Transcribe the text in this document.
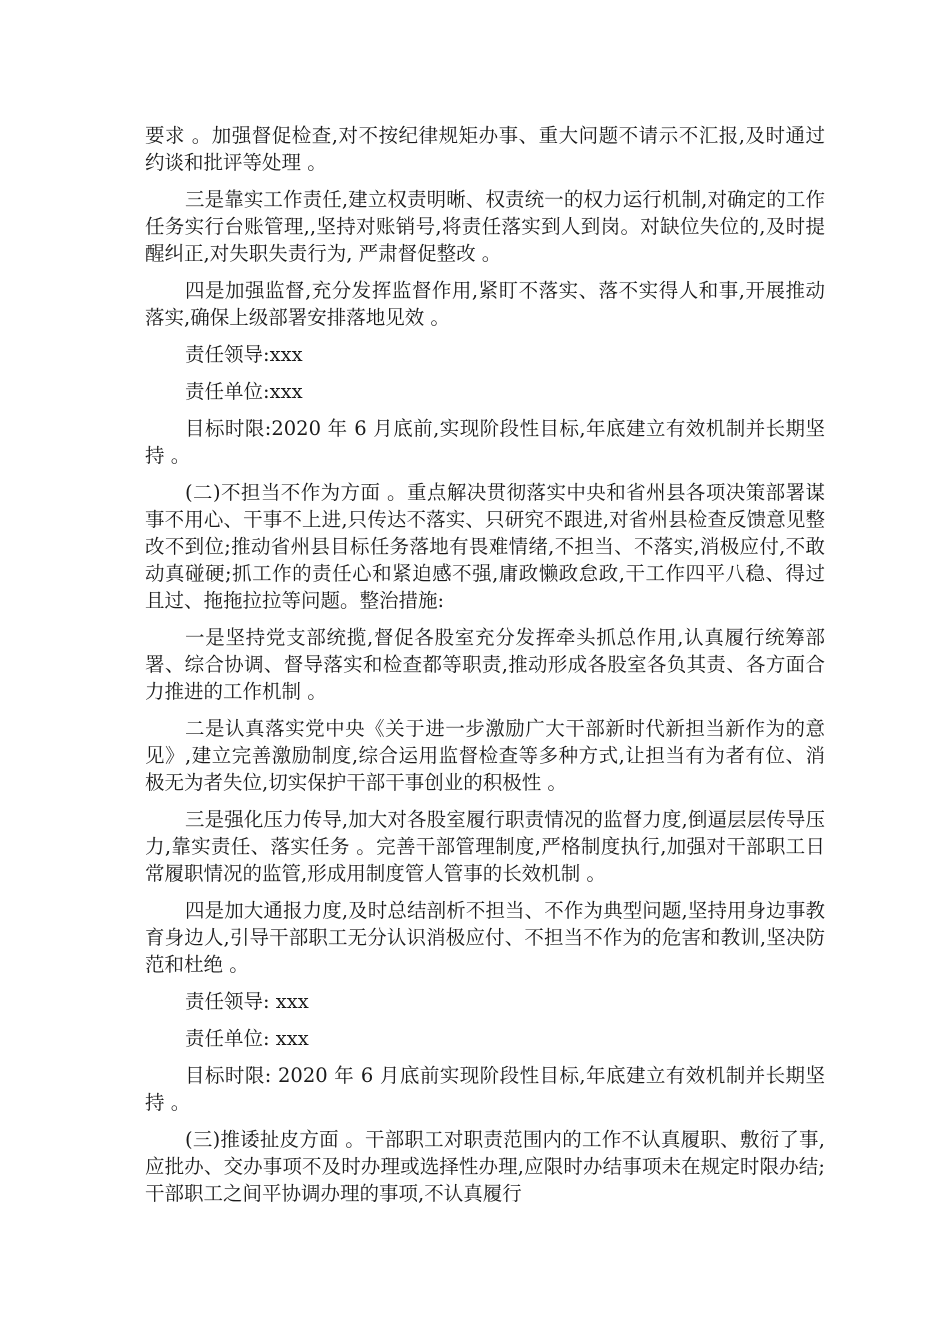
要求 。加强督促检查,对不按纪律规矩办事、重大问题不请示不汇报,及时通过约谈和批评等处理 。

三是靠实工作责任,建立权责明晰、权责统一的权力运行机制,对确定的工作任务实行台账管理,,坚持对账销号,将责任落实到人到岗。对缺位失位的,及时提醒纠正,对失职失责行为, 严肃督促整改 。

四是加强监督,充分发挥监督作用,紧盯不落实、落不实得人和事,开展推动落实,确保上级部署安排落地见效 。

责任领导:xxx

责任单位:xxx

目标时限:2020 年 6 月底前,实现阶段性目标,年底建立有效机制并长期坚持 。

(二)不担当不作为方面 。重点解决贯彻落实中央和省州县各项决策部署谋事不用心、干事不上进,只传达不落实、只研究不跟进,对省州县检查反馈意见整改不到位;推动省州县目标任务落地有畏难情绪,不担当、不落实,消极应付,不敢动真碰硬;抓工作的责任心和紧迫感不强,庸政懒政怠政,干工作四平八稳、得过且过、拖拖拉拉等问题。整治措施:

一是坚持党支部统揽,督促各股室充分发挥牵头抓总作用,认真履行统筹部署、综合协调、督导落实和检查都等职责,推动形成各股室各负其责、各方面合力推进的工作机制 。

二是认真落实党中央《关于进一步激励广大干部新时代新担当新作为的意见》,建立完善激励制度,综合运用监督检查等多种方式,让担当有为者有位、消极无为者失位,切实保护干部干事创业的积极性 。

三是强化压力传导,加大对各股室履行职责情况的监督力度,倒逼层层传导压力,靠实责任、落实任务 。完善干部管理制度,严格制度执行,加强对干部职工日常履职情况的监管,形成用制度管人管事的长效机制 。

四是加大通报力度,及时总结剖析不担当、不作为典型问题,坚持用身边事教育身边人,引导干部职工无分认识消极应付、不担当不作为的危害和教训,坚决防范和杜绝 。

责任领导: xxx

责任单位: xxx

目标时限: 2020 年 6 月底前实现阶段性目标,年底建立有效机制并长期坚持 。

(三)推诿扯皮方面 。干部职工对职责范围内的工作不认真履职、敷衍了事,应批办、交办事项不及时办理或选择性办理,应限时办结事项未在规定时限办结;干部职工之间平协调办理的事项,不认真履行
